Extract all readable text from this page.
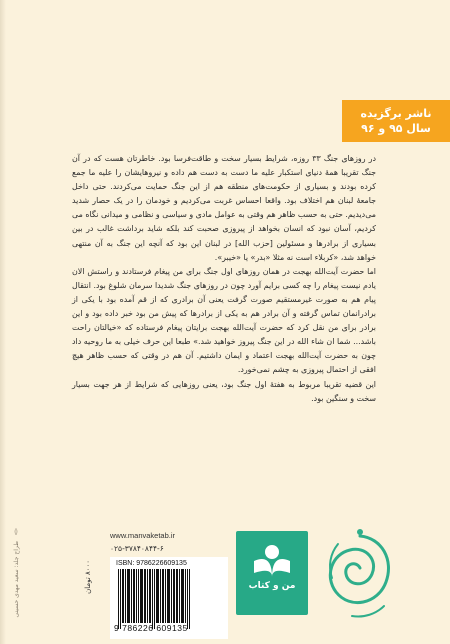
ناشر برگزیده
سال ۹۵ و ۹۶

در روزهای جنگ ۳۳ روزه، شرایط بسیار سخت و طاقت‌فرسا بود. خاطرتان هست که در آن جنگ تقریبا همهٔ دنیای استکبار علیه ما دست به دست هم داده و نیروهایشان را علیه ما جمع کرده بودند و بسیاری از حکومت‌های منطقه هم از این جنگ حمایت می‌کردند. حتی داخل جامعهٔ لبنان هم اختلاف بود. واقعا احساس غربت می‌کردیم و خودمان را در یک حصار شدید می‌دیدیم. حتی به حسب ظاهر هم وقتی به عوامل مادی و سیاسی و نظامی و میدانی نگاه می کردیم، آسان نبود که انسان بخواهد از پیروزی صحبت کند بلکه شاید برداشت غالب در بین بسیاری از برادرها و مسئولین [حزب الله] در لبنان این بود که آنچه این جنگ به آن منتهی خواهد شد، «کربلاء است نه مثلا «بدر» یا «خیبر».

اما حضرت آیت‌الله بهجت در همان روزهای اول جنگ برای من پیغام فرستادند و راستش الان یادم نیست پیغام را چه کسی برایم آورد چون در روزهای جنگ شدیدا سرمان شلوغ بود. انتقال پیام هم به صورت غیرمستقیم صورت گرفت یعنی آن برادری که از قم آمده بود با یکی از برادرانمان تماس گرفته و آن برادر هم به یکی از برادرها که پیش من بود خبر داده بود و این برادر برای من نقل کرد که حضرت آیت‌الله بهجت برایتان پیغام فرستاده که «خیالتان راحت باشد... شما ان شاء الله در این جنگ پیروز خواهید شد.» طبعا این حرف خیلی به ما روحیه داد چون به حضرت آیت‌الله بهجت اعتماد و ایمان داشتیم. آن هم در وقتی که حسب ظاهر هیچ افقی از احتمال پیروزی به چشم نمی‌خورد.

این قضیه تقریبا مربوط به هفتهٔ اول جنگ بود، یعنی روزهایی که شرایط از هر جهت بسیار سخت و سنگین بود.

طراح جلد: سعید مهدی حسینی	۸۰۰۰ تومان
www.manvaketab.ir
۰۲۵-۳۷۸۴۰۸۴۴-۶
ISBN: 9786226609135
9 786226 609135
من و کتاب
